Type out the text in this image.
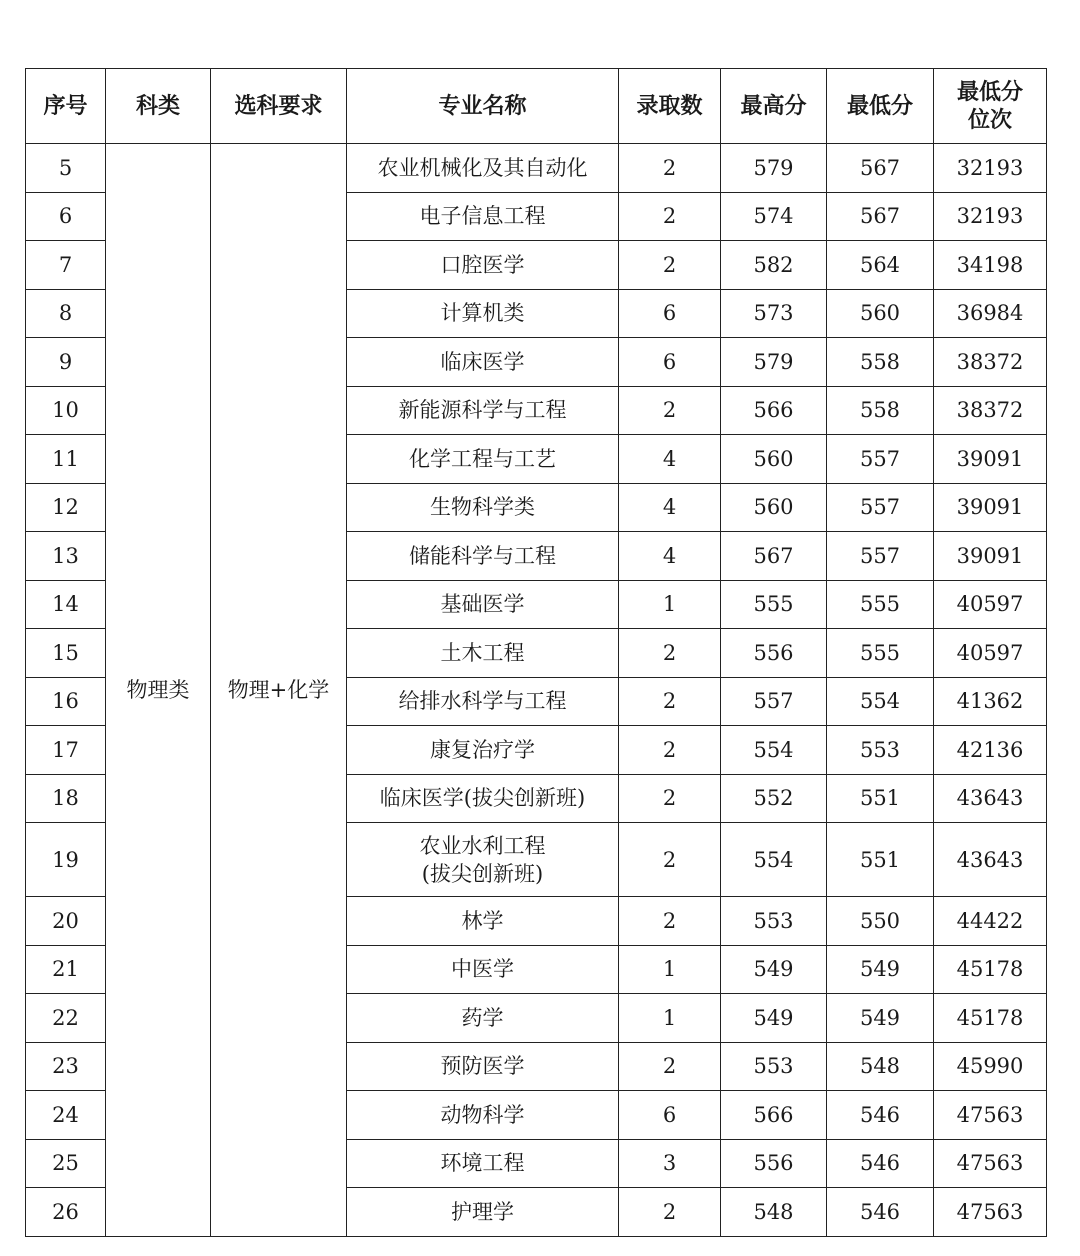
序号	科类	选科要求	专业名称	录取数	最高分	最低分	最低分
位次

5	物理类	物理+化学	农业机械化及其自动化	2	579	567	32193
6			电子信息工程	2	574	567	32193
7			口腔医学	2	582	564	34198
8			计算机类	6	573	560	36984
9			临床医学	6	579	558	38372
10			新能源科学与工程	2	566	558	38372
11			化学工程与工艺	4	560	557	39091
12			生物科学类	4	560	557	39091
13			储能科学与工程	4	567	557	39091
14			基础医学	1	555	555	40597
15			土木工程	2	556	555	40597
16			给排水科学与工程	2	557	554	41362
17			康复治疗学	2	554	553	42136
18			临床医学(拔尖创新班)	2	552	551	43643
19			农业水利工程
(拔尖创新班)	2	554	551	43643
20			林学	2	553	550	44422
21			中医学	1	549	549	45178
22			药学	1	549	549	45178
23			预防医学	2	553	548	45990
24			动物科学	6	566	546	47563
25			环境工程	3	556	546	47563
26			护理学	2	548	546	47563
